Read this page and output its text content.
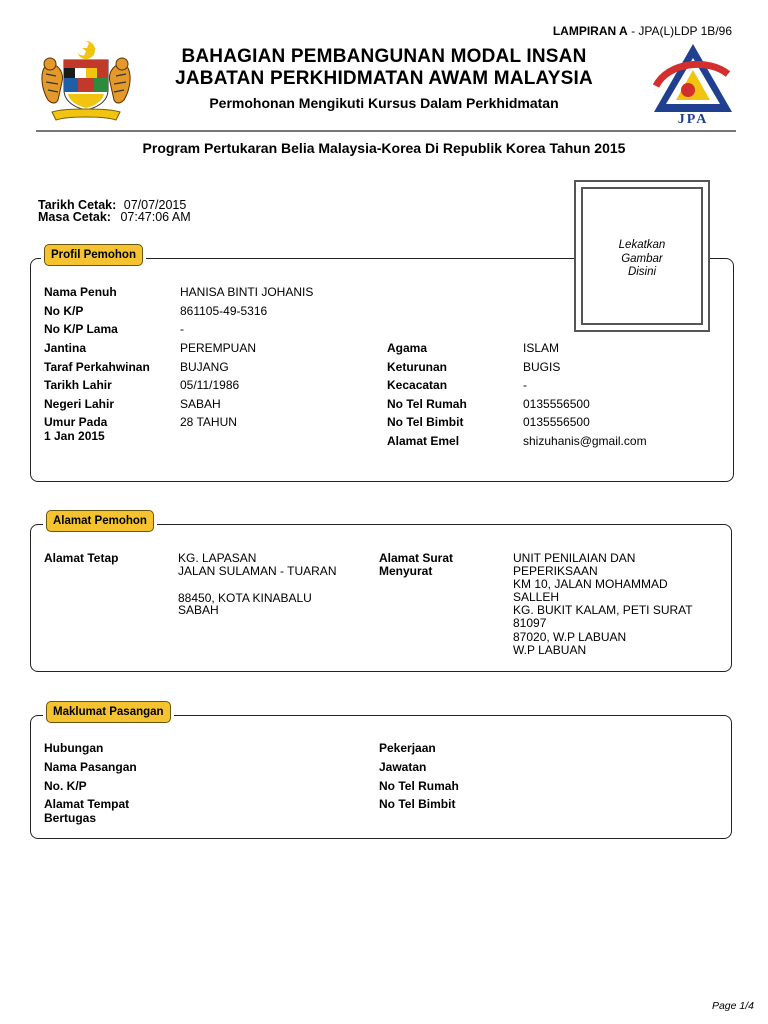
JPA
LAMPIRAN A - JPA(L)LDP 1B/96
BAHAGIAN PEMBANGUNAN MODAL INSAN
JABATAN PERKHIDMATAN AWAM MALAYSIA
Permohonan Mengikuti Kursus Dalam Perkhidmatan
Program Pertukaran Belia Malaysia-Korea Di Republik Korea Tahun 2015
Tarikh Cetak: 07/07/2015
Masa Cetak: 07:47:06 AM
Lekatkan
Gambar
Disini
Profil Pemohon
Nama Penuh	HANISA BINTI JOHANIS
No K/P	861105-49-5316
No K/P Lama	-
Jantina	PEREMPUAN
Taraf Perkahwinan	BUJANG
Tarikh Lahir	05/11/1986
Negeri Lahir	SABAH
Umur Pada
1 Jan 2015
28 TAHUN
Agama	ISLAM
Keturunan	BUGIS
Kecacatan	-
No Tel Rumah	0135556500
No Tel Bimbit	0135556500
Alamat Emel	shizuhanis@gmail.com
Alamat Pemohon
Alamat Tetap	KG. LAPASAN
JALAN SULAMAN - TUARAN
88450, KOTA KINABALU
SABAH
Alamat Surat
Menyurat
UNIT PENILAIAN DAN
PEPERIKSAAN
KM 10, JALAN MOHAMMAD
SALLEH
KG. BUKIT KALAM, PETI SURAT
81097
87020, W.P LABUAN
W.P LABUAN
Maklumat Pasangan
Hubungan
Nama Pasangan
No. K/P
Alamat Tempat
Bertugas
Pekerjaan
Jawatan
No Tel Rumah
No Tel Bimbit
Page 1/4
